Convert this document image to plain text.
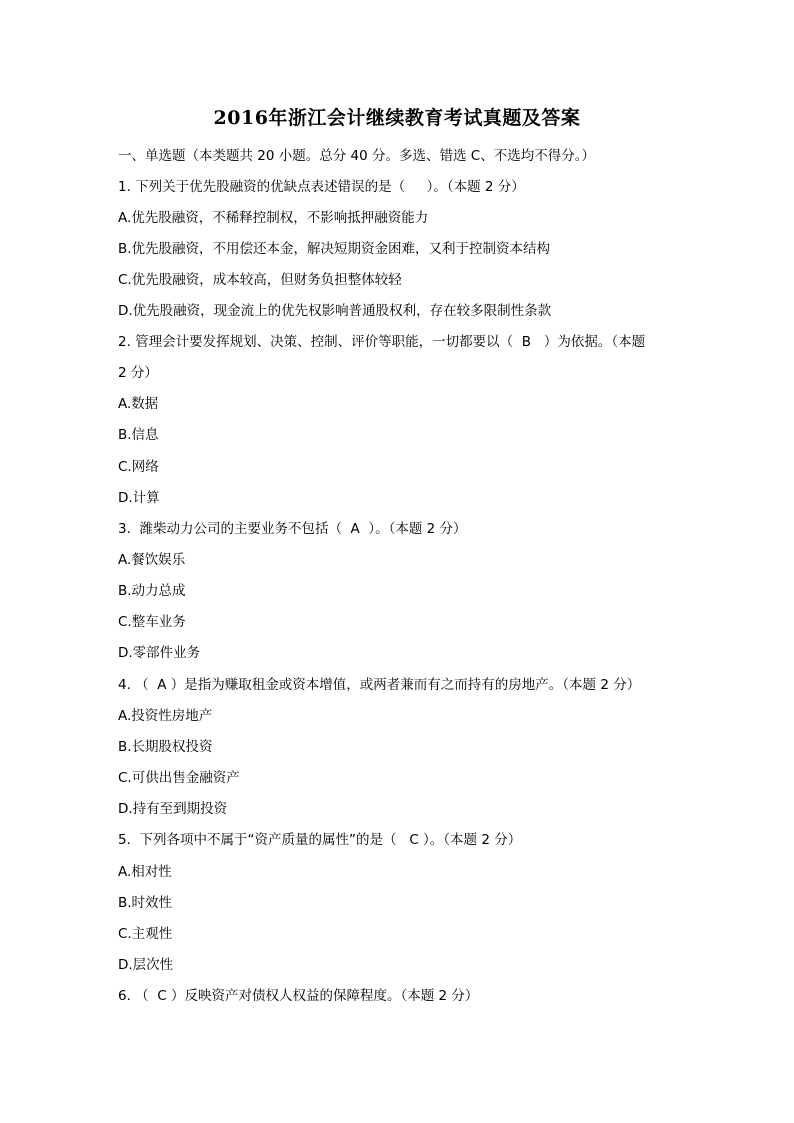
2016年浙江会计继续教育考试真题及答案
一、单选题（本类题共 20 小题。总分 40 分。多选、错选 C、不选均不得分。）
1. 下列关于优先股融资的优缺点表述错误的是（     ）。（本题 2 分）
A.优先股融资，不稀释控制权，不影响抵押融资能力
B.优先股融资，不用偿还本金，解决短期资金困难，又利于控制资本结构
C.优先股融资，成本较高，但财务负担整体较轻
D.优先股融资，现金流上的优先权影响普通股权利，存在较多限制性条款
2. 管理会计要发挥规划、决策、控制、评价等职能，一切都要以（  B   ）为依据。（本题
2 分）
A.数据
B.信息
C.网络
D.计算
3.  潍柴动力公司的主要业务不包括（  A  ）。（本题 2 分）
A.餐饮娱乐
B.动力总成
C.整车业务
D.零部件业务
4. （  A ）是指为赚取租金或资本增值，或两者兼而有之而持有的房地产。（本题 2 分）
A.投资性房地产
B.长期股权投资
C.可供出售金融资产
D.持有至到期投资
5.  下列各项中不属于“资产质量的属性”的是（   C ）。（本题 2 分）
A.相对性
B.时效性
C.主观性
D.层次性
6. （  C ）反映资产对债权人权益的保障程度。（本题 2 分）
